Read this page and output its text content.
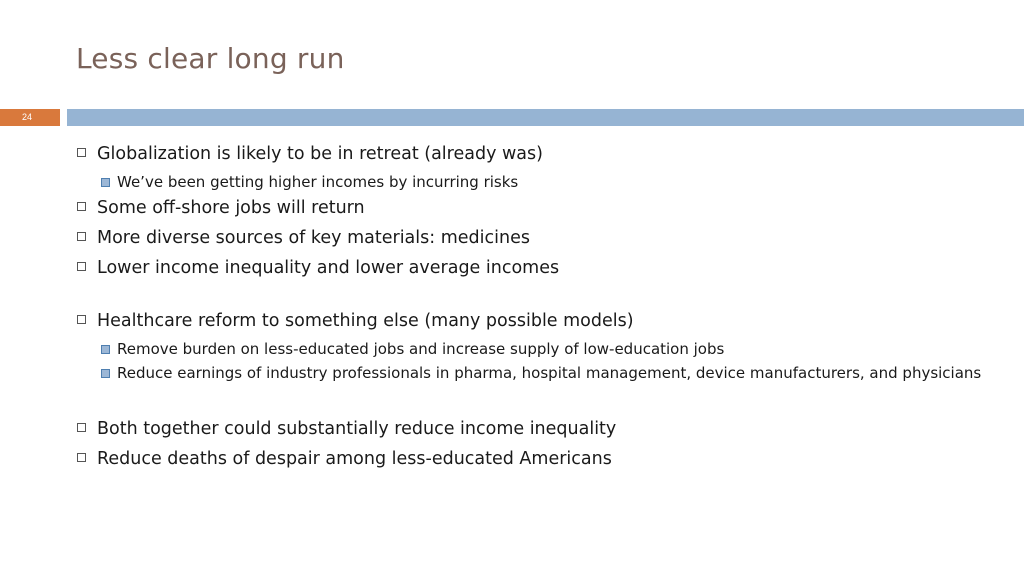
Less clear long run
24
Globalization is likely to be in retreat (already was)
We’ve been getting higher incomes by incurring risks
Some off-shore jobs will return
More diverse sources of key materials: medicines
Lower income inequality and lower average incomes
Healthcare reform to something else (many possible models)
Remove burden on less-educated jobs and increase supply of low-education jobs
Reduce earnings of industry professionals in pharma, hospital management, device manufacturers, and physicians
Both together could substantially reduce income inequality
Reduce deaths of despair among less-educated Americans
